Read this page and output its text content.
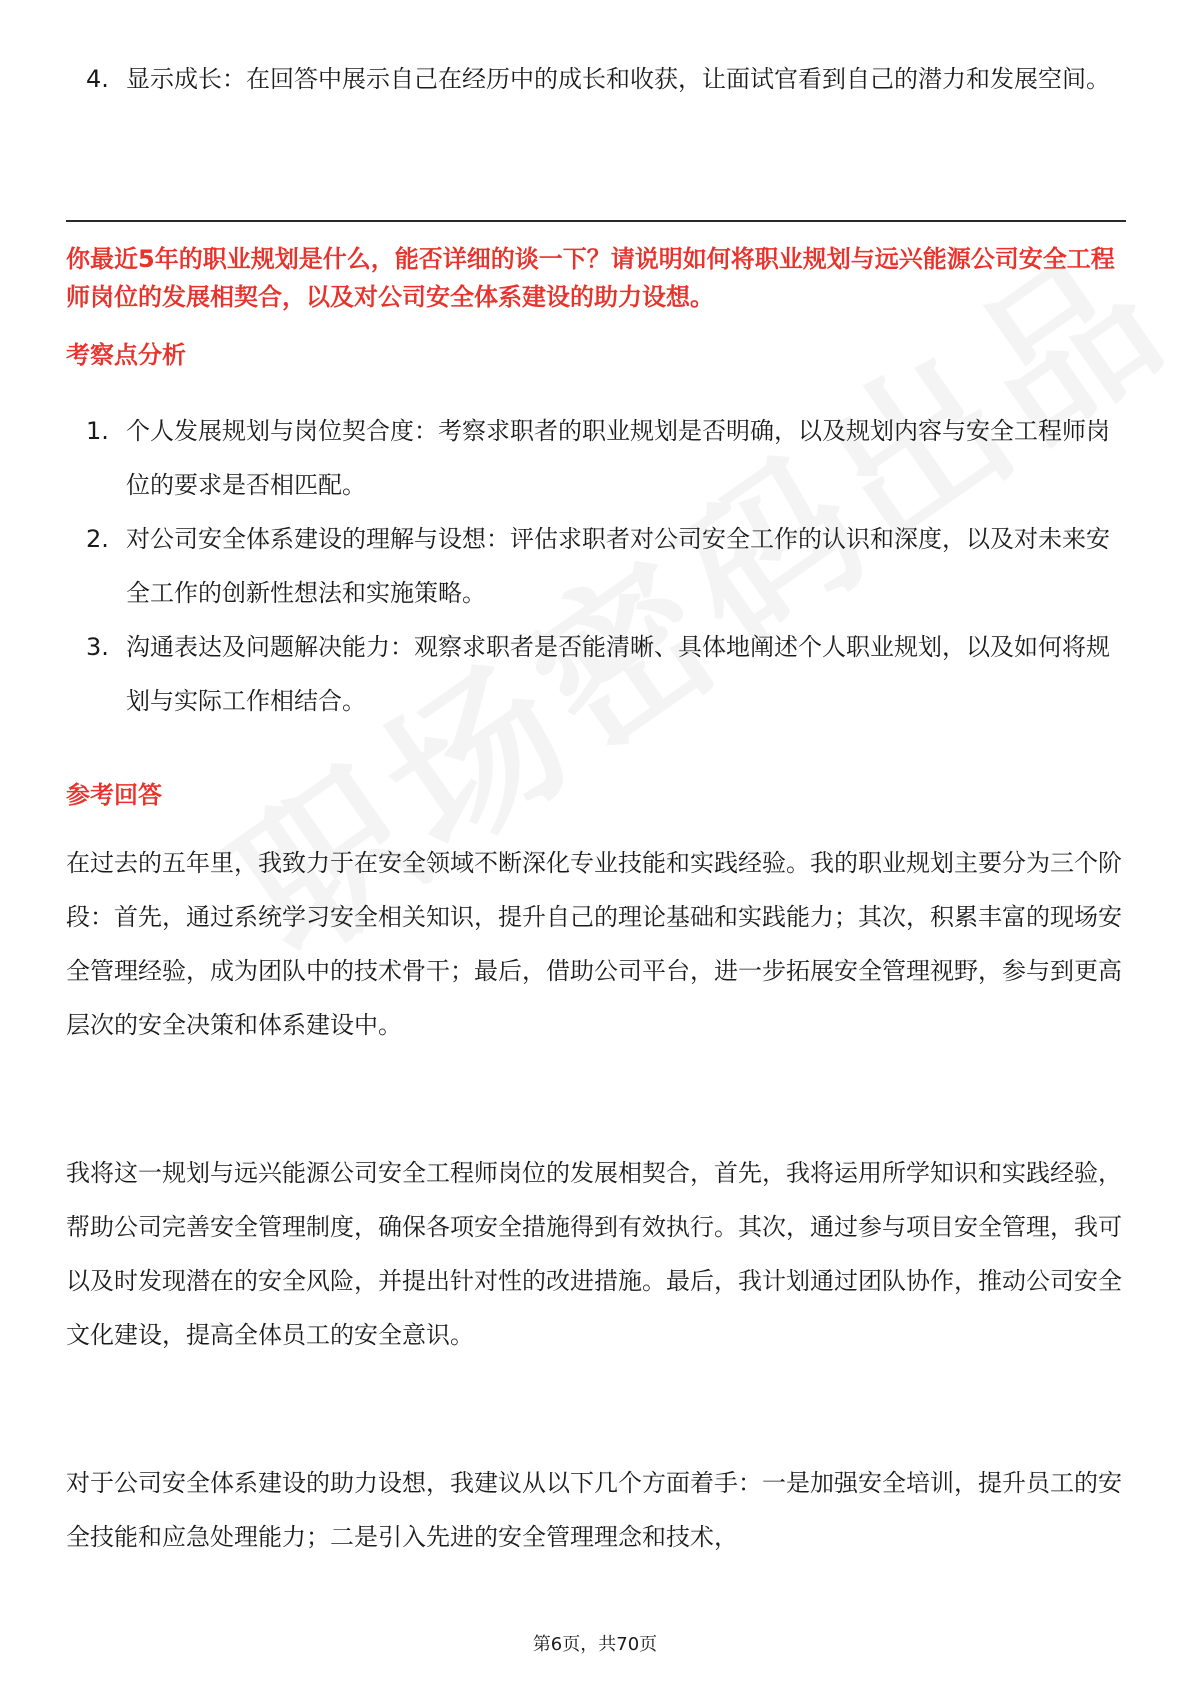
4. 显示成长：在回答中展示自己在经历中的成长和收获，让面试官看到自己的潜力和发展空间。
你最近5年的职业规划是什么，能否详细的谈一下？请说明如何将职业规划与远兴能源公司安全工程师岗位的发展相契合，以及对公司安全体系建设的助力设想。
考察点分析
1. 个人发展规划与岗位契合度：考察求职者的职业规划是否明确，以及规划内容与安全工程师岗位的要求是否相匹配。
2. 对公司安全体系建设的理解与设想：评估求职者对公司安全工作的认识和深度，以及对未来安全工作的创新性想法和实施策略。
3. 沟通表达及问题解决能力：观察求职者是否能清晰、具体地阐述个人职业规划，以及如何将规划与实际工作相结合。
参考回答

在过去的五年里，我致力于在安全领域不断深化专业技能和实践经验。我的职业规划主要分为三个阶段：首先，通过系统学习安全相关知识，提升自己的理论基础和实践能力；其次，积累丰富的现场安全管理经验，成为团队中的技术骨干；最后，借助公司平台，进一步拓展安全管理视野，参与到更高层次的安全决策和体系建设中。

我将这一规划与远兴能源公司安全工程师岗位的发展相契合，首先，我将运用所学知识和实践经验，帮助公司完善安全管理制度，确保各项安全措施得到有效执行。其次，通过参与项目安全管理，我可以及时发现潜在的安全风险，并提出针对性的改进措施。最后，我计划通过团队协作，推动公司安全文化建设，提高全体员工的安全意识。

对于公司安全体系建设的助力设想，我建议从以下几个方面着手：一是加强安全培训，提升员工的安全技能和应急处理能力；二是引入先进的安全管理理念和技术，

第6页，共70页
